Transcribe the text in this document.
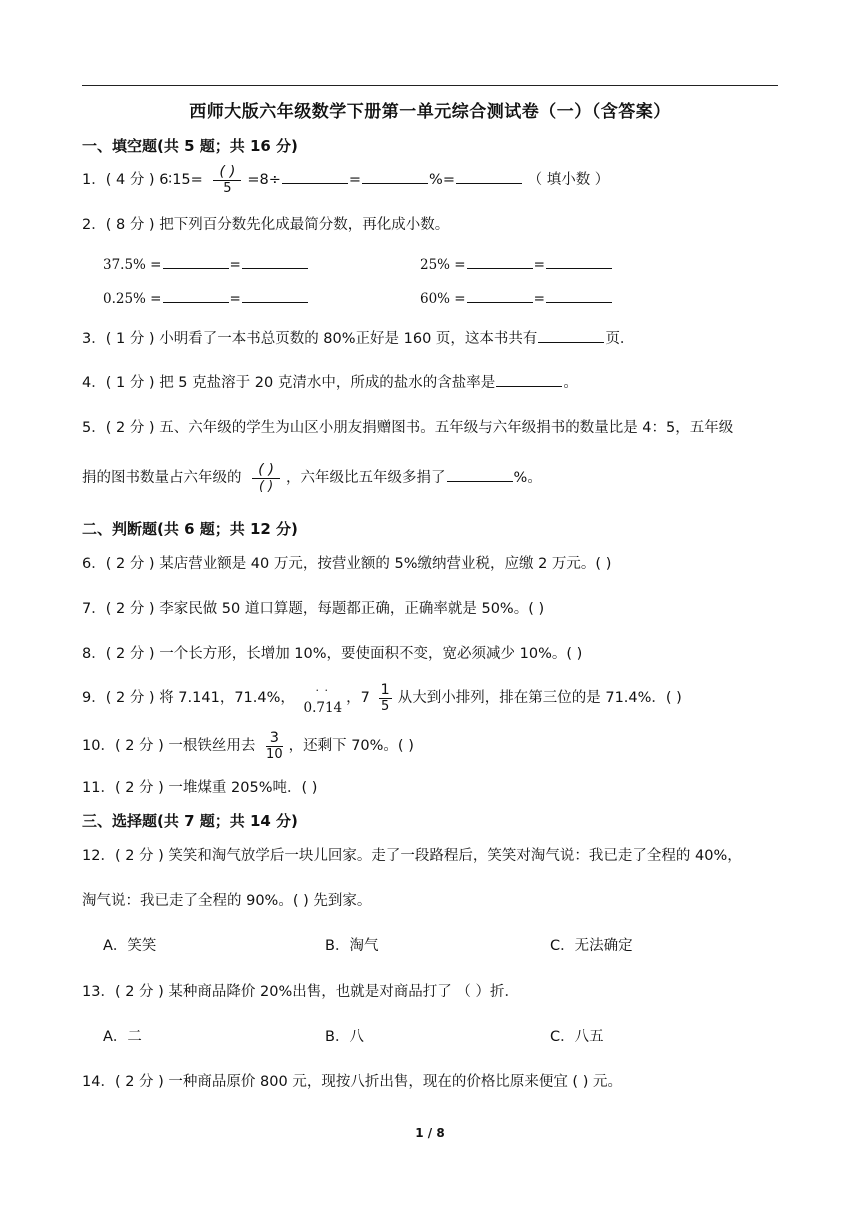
西师大版六年级数学下册第一单元综合测试卷（一）（含答案）
一、填空题(共 5 题；共 16 分)
1．( 4 分 ) 6∶15= $\frac{( )}{5} =8\div$	=	%=	（ 填小数 ）
2．( 8 分 ) 把下列百分数先化成最简分数，再化成小数。
37.5% =	=	25% =	=
0.25% =	=	60% =	=
3．( 1 分 ) 小明看了一本书总页数的 80%正好是 160 页，这本书共有	页．
4．( 1 分 ) 把 5 克盐溶于 20 克清水中，所成的盐水的含盐率是	。
5．( 2 分 ) 五、六年级的学生为山区小朋友捐赠图书。五年级与六年级捐书的数量比是 4：5，五年级
捐的图书数量占六年级的 $\frac{( )}{( )}$ ，六年级比五年级多捐了	%。
二、判断题(共 6 题；共 12 分)
6．( 2 分 ) 某店营业额是 40 万元，按营业额的 5%缴纳营业税，应缴 2 万元。( )
7．( 2 分 ) 李家民做 50 道口算题，每题都正确，正确率就是 50%。( )
8．( 2 分 ) 一个长方形，长增加 10%，要使面积不变，宽必须减少 10%。( )
9．( 2 分 ) 将 7.141，71.4%， · ·
0.714，$7 \frac{1}{5}$ 从大到小排列，排在第三位的是 71.4%．( )
10．( 2 分 ) 一根铁丝用去 $\frac{3}{10}$ ，还剩下 70%。( )
11．( 2 分 ) 一堆煤重 205%吨．( )
三、选择题(共 7 题；共 14 分)
12．( 2 分 ) 笑笑和淘气放学后一块儿回家。走了一段路程后，笑笑对淘气说：我已走了全程的 40%，
淘气说：我已走了全程的 90%。( ) 先到家。
A．笑笑	B．淘气	C．无法确定
13．( 2 分 ) 某种商品降价 20%出售，也就是对商品打了 （ ）折．
A．二	B．八	C．八五
14．( 2 分 ) 一种商品原价 800 元，现按八折出售，现在的价格比原来便宜 ( ) 元。
1 / 8
